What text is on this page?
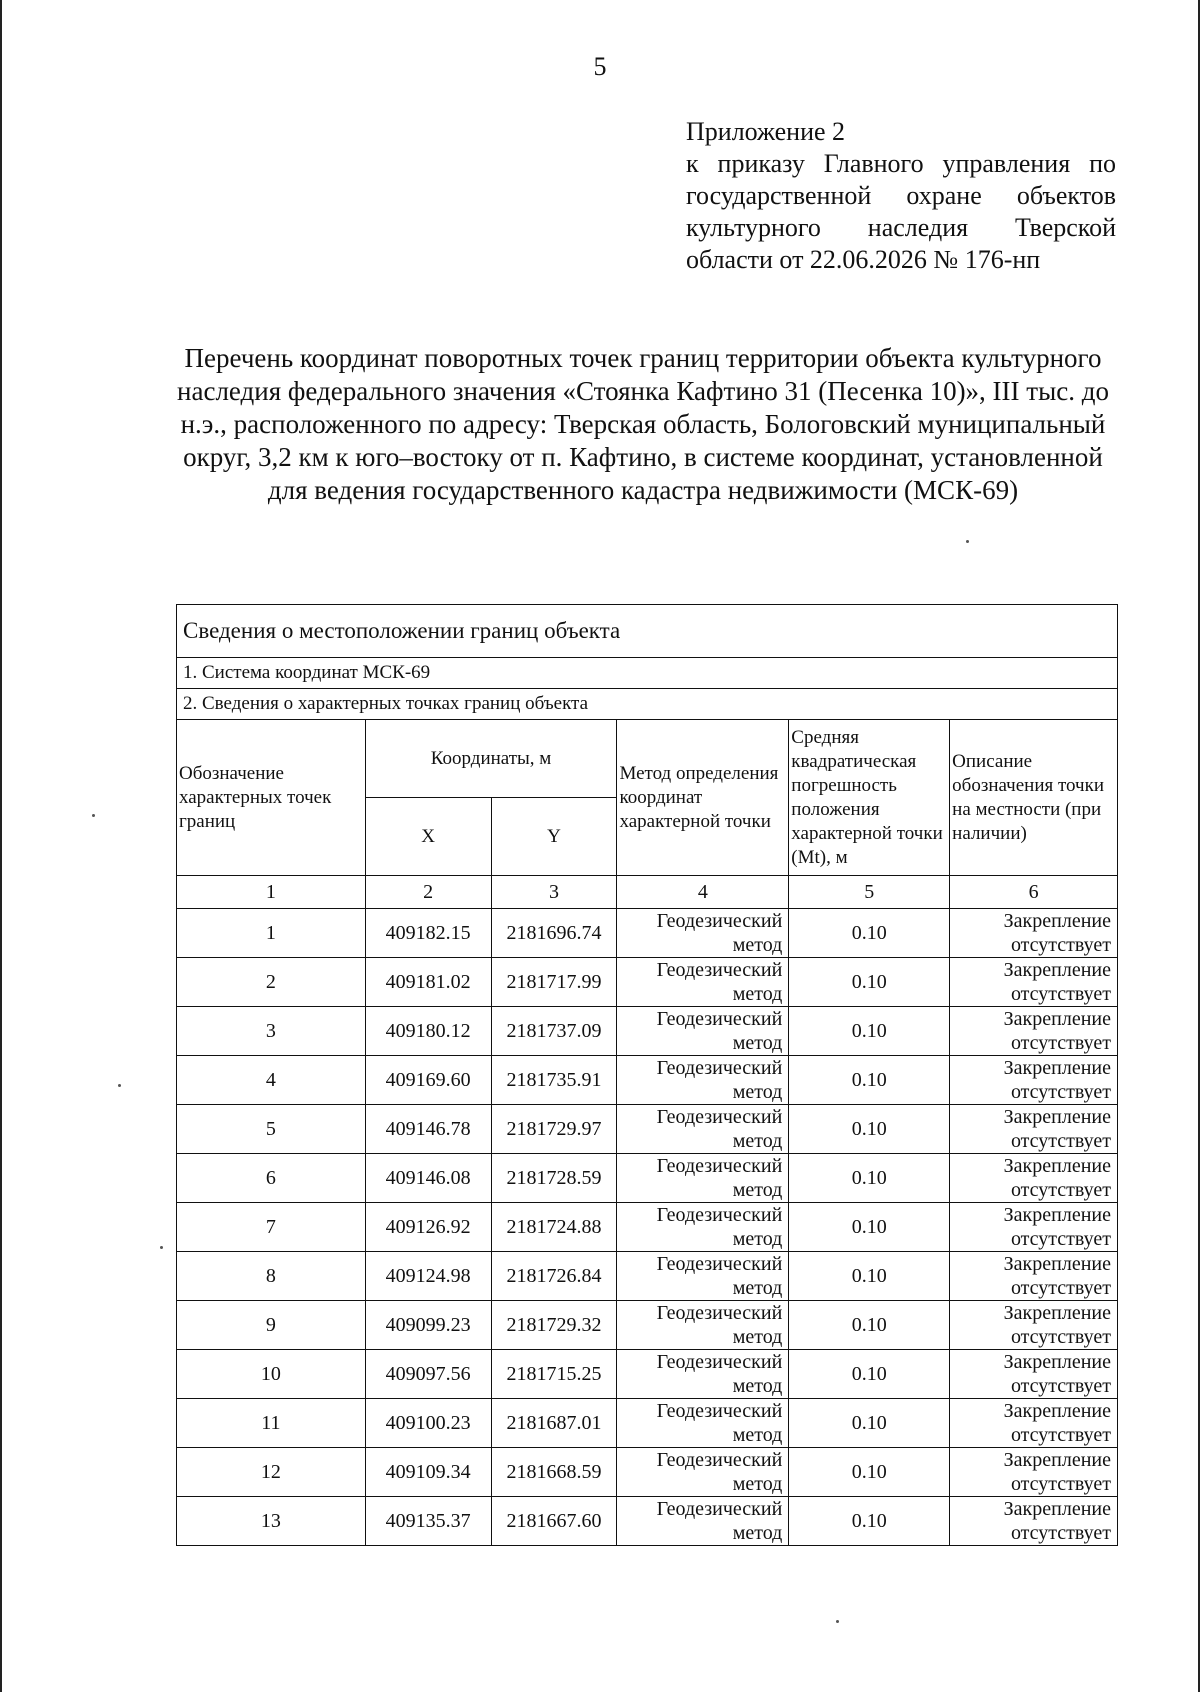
5
Приложение 2
к приказу Главного управления по государственной охране объектов культурного наследия Тверской области от 22.06.2026 № 176-нп
Перечень координат поворотных точек границ территории объекта культурного наследия федерального значения «Стоянка Кафтино 31 (Песенка 10)», III тыс. до н.э., расположенного по адресу: Тверская область, Бологовский муниципальный округ, 3,2 км к юго–востоку от п. Кафтино, в системе координат, установленной для ведения государственного кадастра недвижимости (МСК-69)
Сведения о местоположении границ объекта					
1. Система координат МСК-69					
2. Сведения о характерных точках границ объекта					
Обозначение характерных точек границ	Координаты, м		Метод определения координат характерной точки	Средняя квадратическая погрешность положения характерной точки (Mt), м	Описание обозначения точки на местности (при наличии)
	X	Y			
1	2	3	4	5	6
1	409182.15	2181696.74	Геодезический метод	0.10	Закрепление отсутствует
2	409181.02	2181717.99	Геодезический метод	0.10	Закрепление отсутствует
3	409180.12	2181737.09	Геодезический метод	0.10	Закрепление отсутствует
4	409169.60	2181735.91	Геодезический метод	0.10	Закрепление отсутствует
5	409146.78	2181729.97	Геодезический метод	0.10	Закрепление отсутствует
6	409146.08	2181728.59	Геодезический метод	0.10	Закрепление отсутствует
7	409126.92	2181724.88	Геодезический метод	0.10	Закрепление отсутствует
8	409124.98	2181726.84	Геодезический метод	0.10	Закрепление отсутствует
9	409099.23	2181729.32	Геодезический метод	0.10	Закрепление отсутствует
10	409097.56	2181715.25	Геодезический метод	0.10	Закрепление отсутствует
11	409100.23	2181687.01	Геодезический метод	0.10	Закрепление отсутствует
12	409109.34	2181668.59	Геодезический метод	0.10	Закрепление отсутствует
13	409135.37	2181667.60	Геодезический метод	0.10	Закрепление отсутствует
